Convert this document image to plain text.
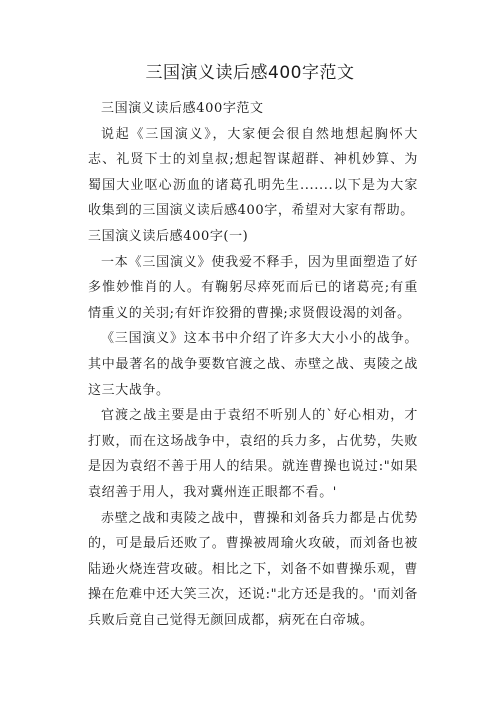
三国演义读后感400字范文

三国演义读后感400字范文

说起《三国演义》，大家便会很自然地想起胸怀大志、礼贤下士的刘皇叔;想起智谋超群、神机妙算、为蜀国大业呕心沥血的诸葛孔明先生.......以下是为大家收集到的三国演义读后感400字，希望对大家有帮助。

三国演义读后感400字(一)

一本《三国演义》使我爱不释手，因为里面塑造了好多惟妙惟肖的人。有鞠躬尽瘁死而后已的诸葛亮;有重情重义的关羽;有奸诈狡猾的曹操;求贤假设渴的刘备。

《三国演义》这本书中介绍了许多大大小小的战争。其中最著名的战争要数官渡之战、赤壁之战、夷陵之战这三大战争。

官渡之战主要是由于袁绍不听别人的`好心相劝，才打败，而在这场战争中，袁绍的兵力多，占优势，失败是因为袁绍不善于用人的结果。就连曹操也说过:"如果袁绍善于用人，我对冀州连正眼都不看。'

赤壁之战和夷陵之战中，曹操和刘备兵力都是占优势的，可是最后还败了。曹操被周瑜火攻破，而刘备也被陆逊火烧连营攻破。相比之下，刘备不如曹操乐观，曹操在危难中还大笑三次，还说:"北方还是我的。'而刘备兵败后竟自己觉得无颜回成都，病死在白帝城。
